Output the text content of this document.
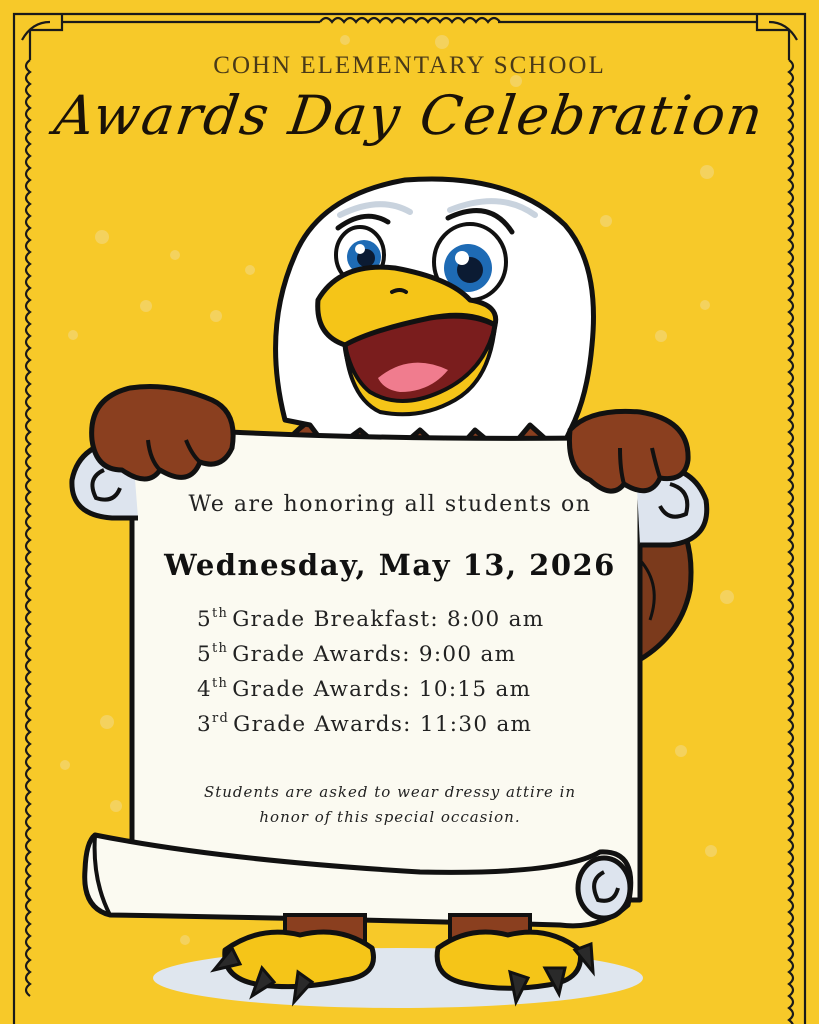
COHN ELEMENTARY SCHOOL
Awards Day Celebration
We are honoring all students on
Wednesday, May 13, 2026
5th Grade Breakfast: 8:00 am
5th Grade Awards: 9:00 am
4th Grade Awards: 10:15 am
3rd Grade Awards: 11:30 am
Students are asked to wear dressy attire in honor of this special occasion.
